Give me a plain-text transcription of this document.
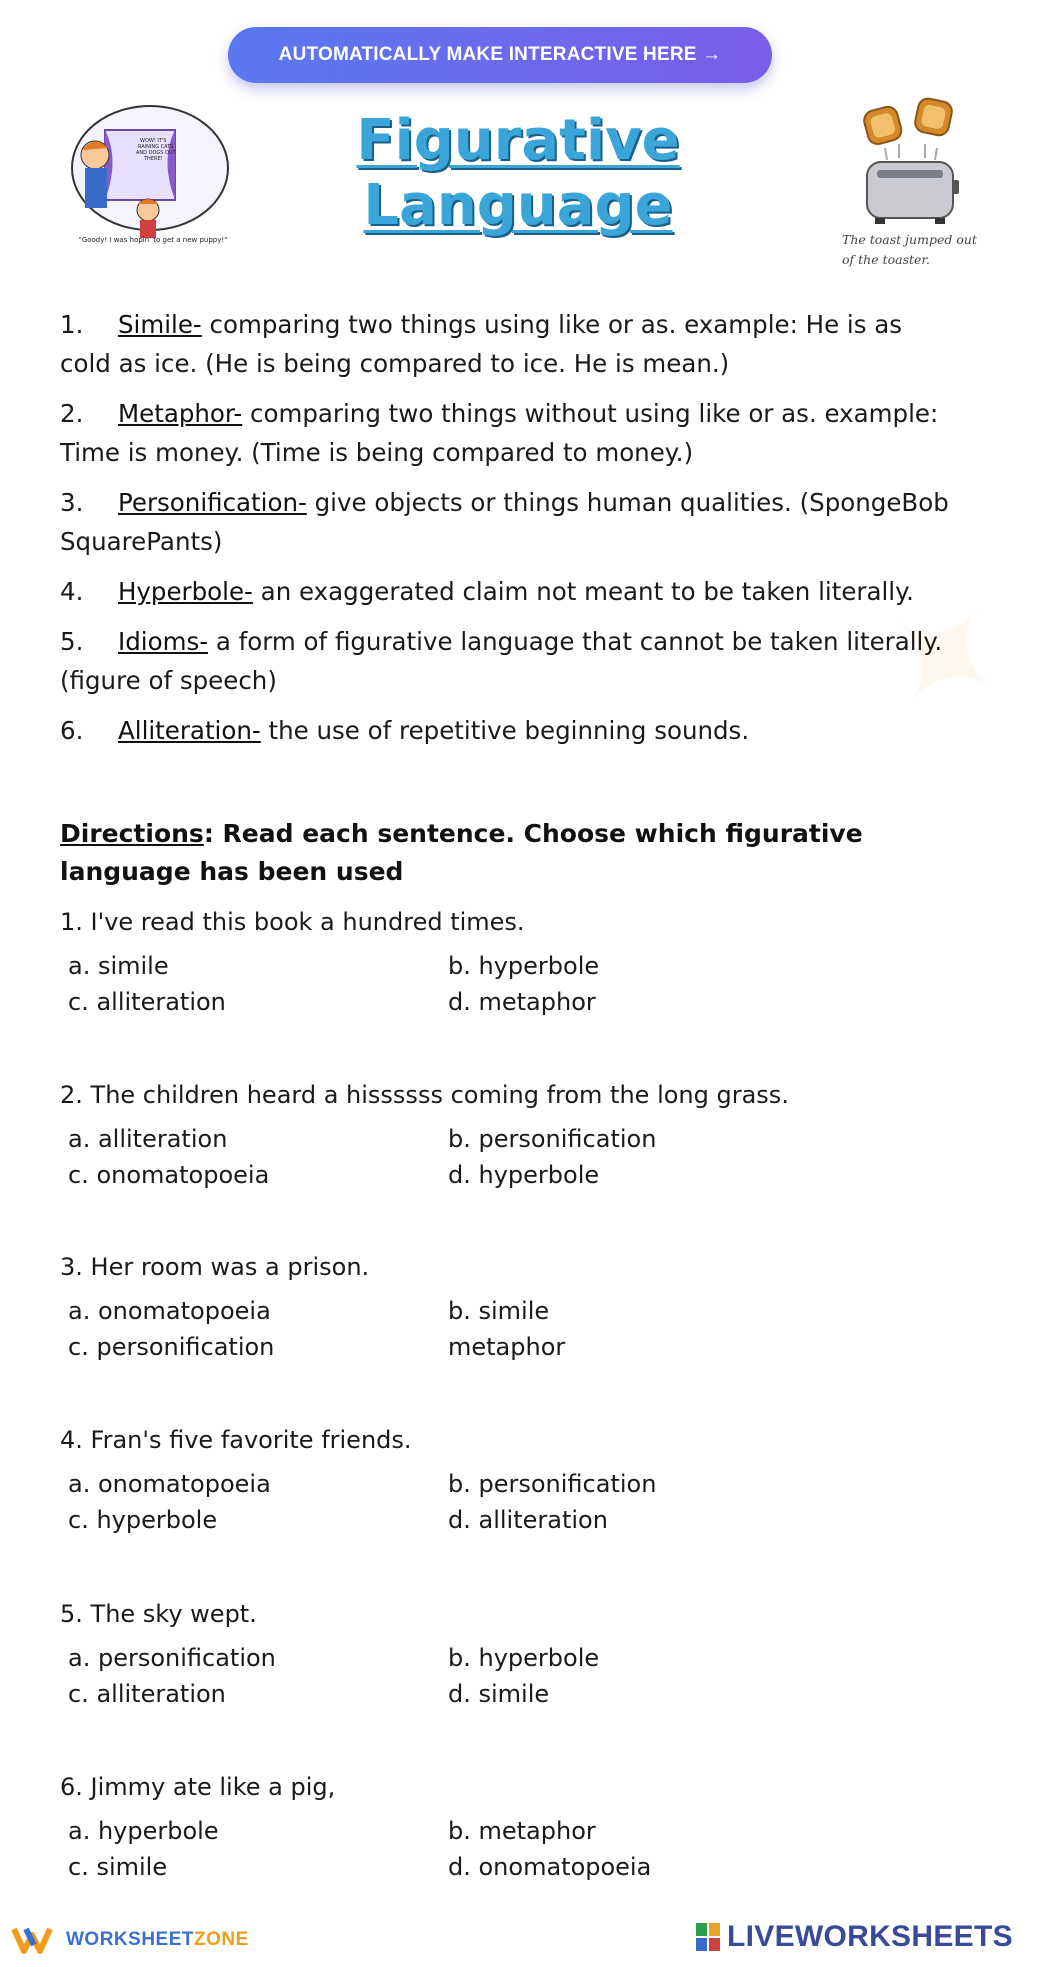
✦
AUTOMATICALLY MAKE INTERACTIVE HERE →
WOW! IT'S RAINING CATS AND DOGS OUT THERE!
"Goody! I was hopin' to get a new puppy!"
Figurative Language
The toast jumped out of the toaster.

1. Simile- comparing two things using like or as. example: He is as cold as ice. (He is being compared to ice. He is mean.)

2. Metaphor- comparing two things without using like or as. example: Time is money. (Time is being compared to money.)

3. Personification- give objects or things human qualities. (SpongeBob SquarePants)

4. Hyperbole- an exaggerated claim not meant to be taken literally.

5. Idioms- a form of figurative language that cannot be taken literally. (figure of speech)

6. Alliteration- the use of repetitive beginning sounds.

Directions: Read each sentence. Choose which figurative language has been used

1. I've read this book a hundred times.

a. simile	b. hyperbole
c. alliteration	d. metaphor

2. The children heard a hissssss coming from the long grass.

a. alliteration	b. personification
c. onomatopoeia	d. hyperbole

3. Her room was a prison.

a. onomatopoeia	b. simile
c. personification	metaphor

4. Fran's five favorite friends.

a. onomatopoeia	b. personification
c. hyperbole	d. alliteration

5. The sky wept.

a. personification	b. hyperbole
c. alliteration	d. simile

6. Jimmy ate like a pig,

a. hyperbole	b. metaphor
c. simile	d. onomatopoeia
WORKSHEETZONE	LIVEWORKSHEETS
